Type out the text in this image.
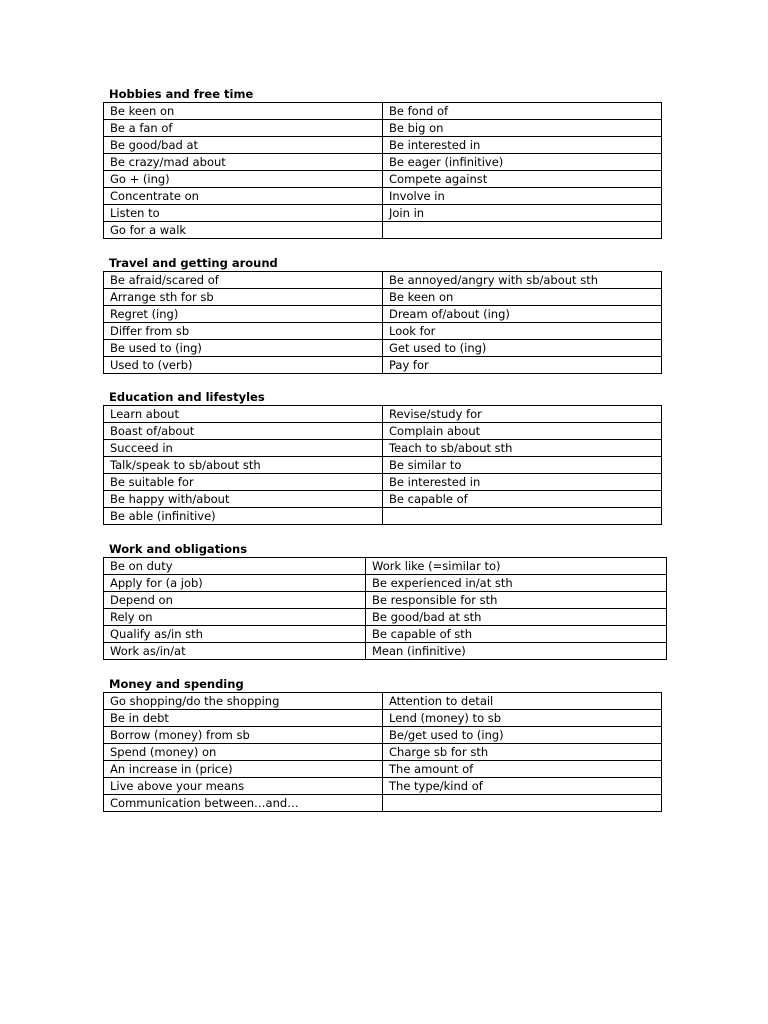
Hobbies and free time
Be keen on	Be fond of
Be a fan of	Be big on
Be good/bad at	Be interested in
Be crazy/mad about	Be eager (infinitive)
Go + (ing)	Compete against
Concentrate on	Involve in
Listen to	Join in
Go for a walk	
Travel and getting around
Be afraid/scared of	Be annoyed/angry with sb/about sth
Arrange sth for sb	Be keen on
Regret (ing)	Dream of/about (ing)
Differ from sb	Look for
Be used to (ing)	Get used to (ing)
Used to (verb)	Pay for
Education and lifestyles
Learn about	Revise/study for
Boast of/about	Complain about
Succeed in	Teach to sb/about sth
Talk/speak to sb/about sth	Be similar to
Be suitable for	Be interested in
Be happy with/about	Be capable of
Be able (infinitive)	
Work and obligations
Be on duty	Work like (=similar to)
Apply for (a job)	Be experienced in/at sth
Depend on	Be responsible for sth
Rely on	Be good/bad at sth
Qualify as/in sth	Be capable of sth
Work as/in/at	Mean (infinitive)
Money and spending
Go shopping/do the shopping	Attention to detail
Be in debt	Lend (money) to sb
Borrow (money) from sb	Be/get used to (ing)
Spend (money) on	Charge sb for sth
An increase in (price)	The amount of
Live above your means	The type/kind of
Communication between…and…	
